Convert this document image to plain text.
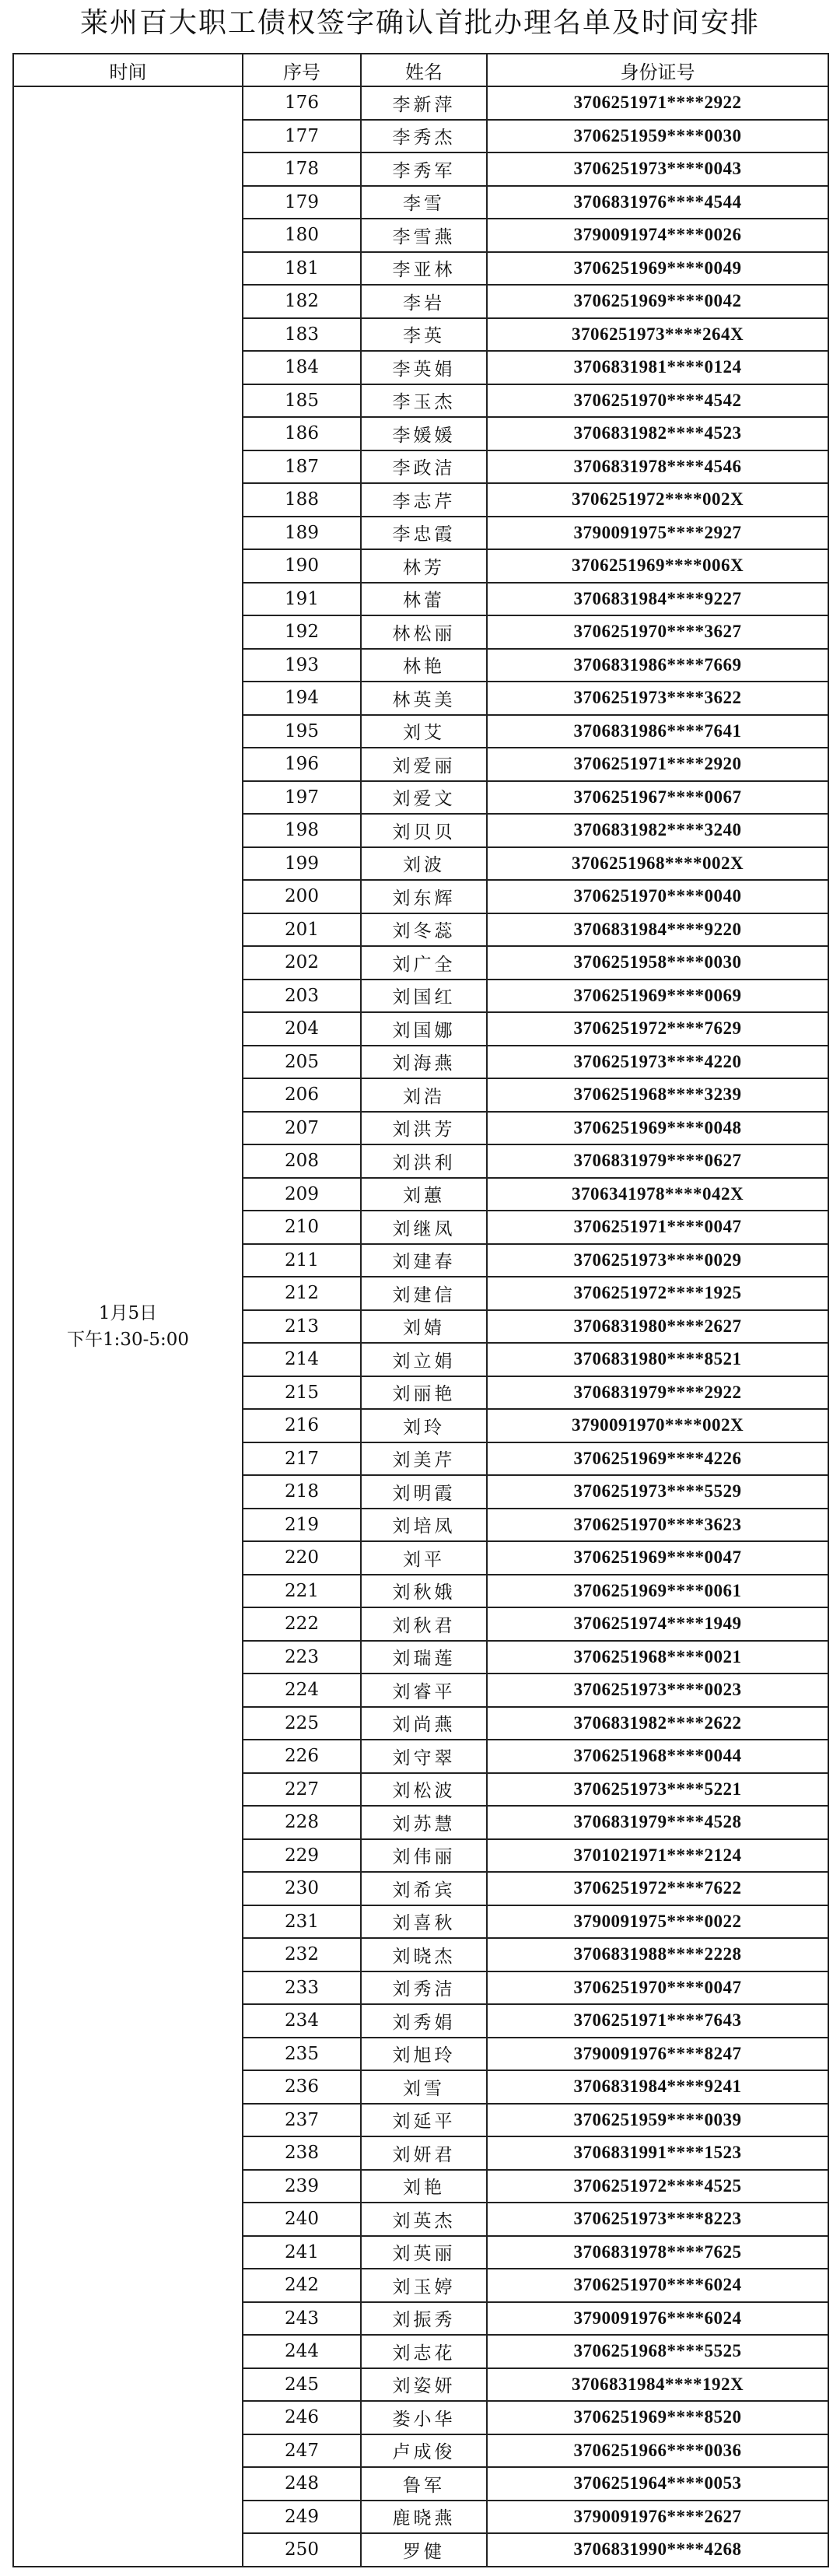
莱州百大职工债权签字确认首批办理名单及时间安排
时间	序号	姓名	身份证号

1月5日
下午1:30-5:00	176	李新萍	3706251971****2922
	177	李秀杰	3706251959****0030
	178	李秀军	3706251973****0043
	179	李雪	3706831976****4544
	180	李雪燕	3790091974****0026
	181	李亚林	3706251969****0049
	182	李岩	3706251969****0042
	183	李英	3706251973****264X
	184	李英娟	3706831981****0124
	185	李玉杰	3706251970****4542
	186	李媛媛	3706831982****4523
	187	李政洁	3706831978****4546
	188	李志芹	3706251972****002X
	189	李忠霞	3790091975****2927
	190	林芳	3706251969****006X
	191	林蕾	3706831984****9227
	192	林松丽	3706251970****3627
	193	林艳	3706831986****7669
	194	林英美	3706251973****3622
	195	刘艾	3706831986****7641
	196	刘爱丽	3706251971****2920
	197	刘爱文	3706251967****0067
	198	刘贝贝	3706831982****3240
	199	刘波	3706251968****002X
	200	刘东辉	3706251970****0040
	201	刘冬蕊	3706831984****9220
	202	刘广全	3706251958****0030
	203	刘国红	3706251969****0069
	204	刘国娜	3706251972****7629
	205	刘海燕	3706251973****4220
	206	刘浩	3706251968****3239
	207	刘洪芳	3706251969****0048
	208	刘洪利	3706831979****0627
	209	刘蕙	3706341978****042X
	210	刘继凤	3706251971****0047
	211	刘建春	3706251973****0029
	212	刘建信	3706251972****1925
	213	刘婧	3706831980****2627
	214	刘立娟	3706831980****8521
	215	刘丽艳	3706831979****2922
	216	刘玲	3790091970****002X
	217	刘美芹	3706251969****4226
	218	刘明霞	3706251973****5529
	219	刘培凤	3706251970****3623
	220	刘平	3706251969****0047
	221	刘秋娥	3706251969****0061
	222	刘秋君	3706251974****1949
	223	刘瑞莲	3706251968****0021
	224	刘睿平	3706251973****0023
	225	刘尚燕	3706831982****2622
	226	刘守翠	3706251968****0044
	227	刘松波	3706251973****5221
	228	刘苏慧	3706831979****4528
	229	刘伟丽	3701021971****2124
	230	刘希宾	3706251972****7622
	231	刘喜秋	3790091975****0022
	232	刘晓杰	3706831988****2228
	233	刘秀洁	3706251970****0047
	234	刘秀娟	3706251971****7643
	235	刘旭玲	3790091976****8247
	236	刘雪	3706831984****9241
	237	刘延平	3706251959****0039
	238	刘妍君	3706831991****1523
	239	刘艳	3706251972****4525
	240	刘英杰	3706251973****8223
	241	刘英丽	3706831978****7625
	242	刘玉婷	3706251970****6024
	243	刘振秀	3790091976****6024
	244	刘志花	3706251968****5525
	245	刘姿妍	3706831984****192X
	246	娄小华	3706251969****8520
	247	卢成俊	3706251966****0036
	248	鲁军	3706251964****0053
	249	鹿晓燕	3790091976****2627
	250	罗健	3706831990****4268
